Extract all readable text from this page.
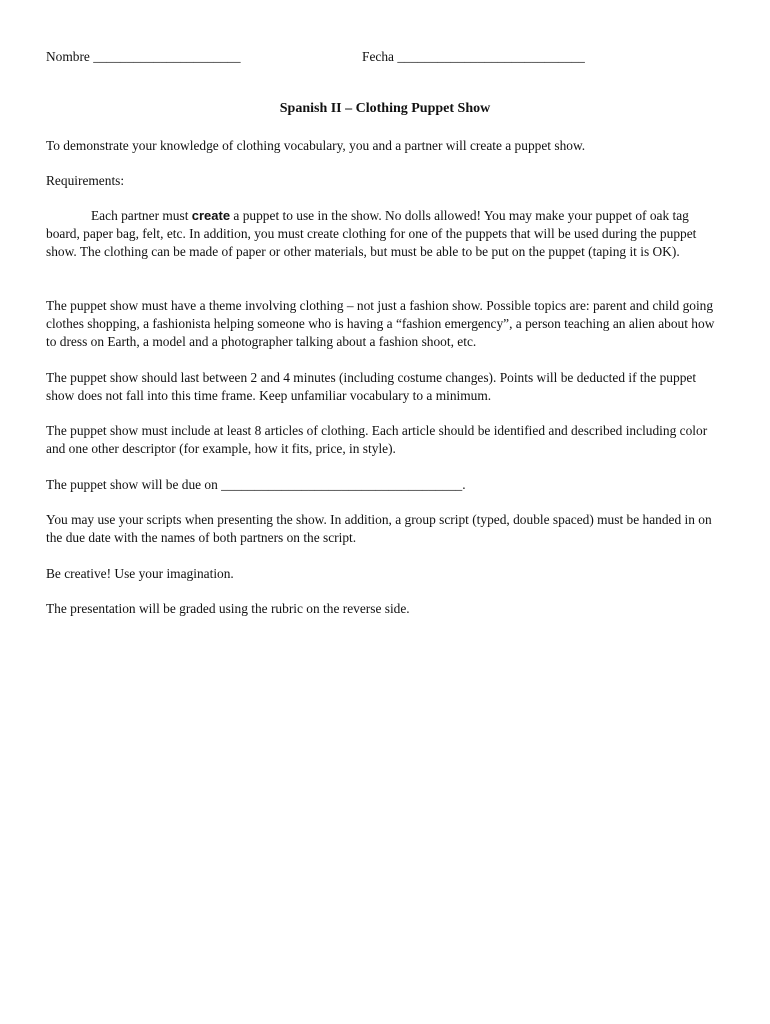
Nombre ______________________	Fecha ____________________________
Spanish II – Clothing Puppet Show

To demonstrate your knowledge of clothing vocabulary, you and a partner will create a puppet show.

Requirements:

Each partner must create a puppet to use in the show. No dolls allowed! You may make your puppet of oak tag board, paper bag, felt, etc. In addition, you must create clothing for one of the puppets that will be used during the puppet show. The clothing can be made of paper or other materials, but must be able to be put on the puppet (taping it is OK).

The puppet show must have a theme involving clothing – not just a fashion show. Possible topics are: parent and child going clothes shopping, a fashionista helping someone who is having a “fashion emergency”, a person teaching an alien about how to dress on Earth, a model and a photographer talking about a fashion shoot, etc.

The puppet show should last between 2 and 4 minutes (including costume changes). Points will be deducted if the puppet show does not fall into this time frame. Keep unfamiliar vocabulary to a minimum.

The puppet show must include at least 8 articles of clothing. Each article should be identified and described including color and one other descriptor (for example, how it fits, price, in style).

The puppet show will be due on ____________________________________.

You may use your scripts when presenting the show. In addition, a group script (typed, double spaced) must be handed in on the due date with the names of both partners on the script.

Be creative! Use your imagination.

The presentation will be graded using the rubric on the reverse side.
